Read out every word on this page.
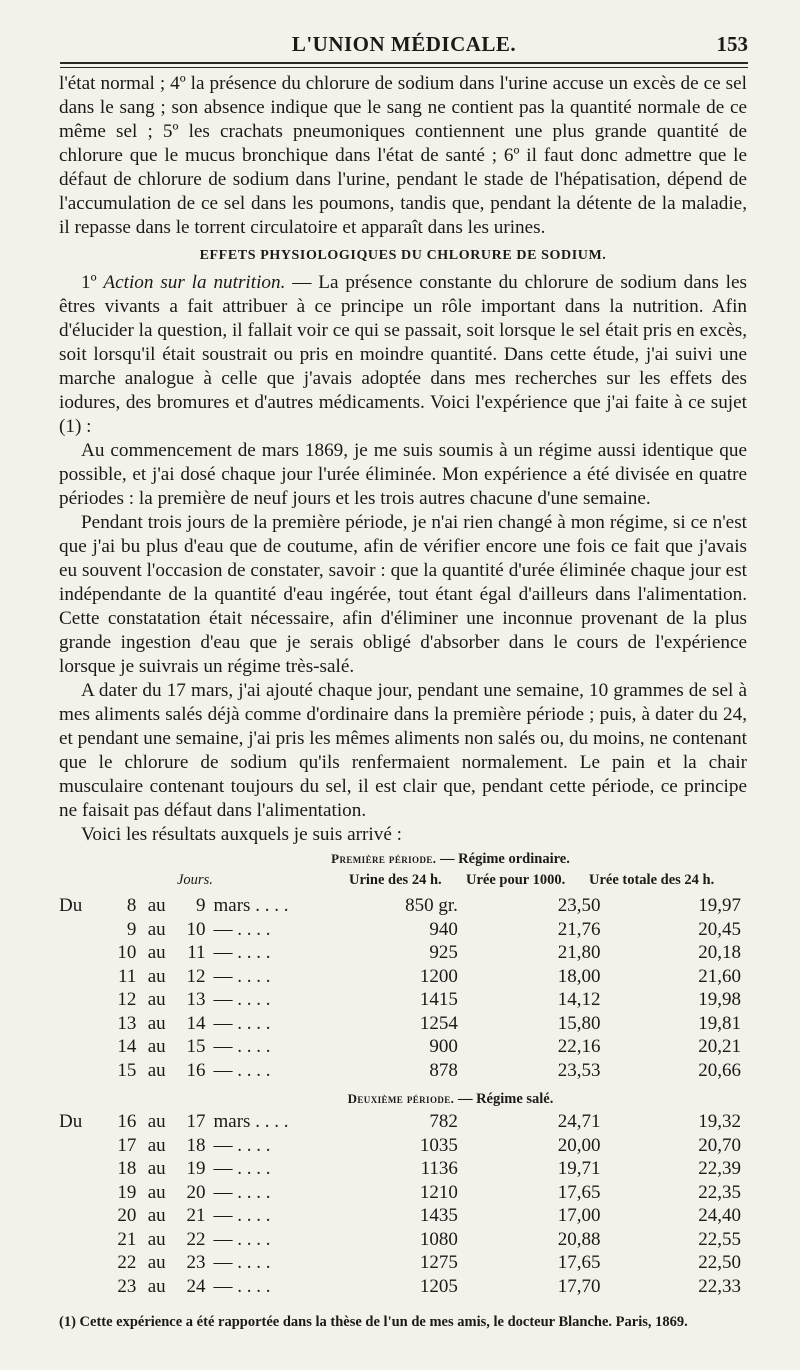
L'UNION MÉDICALE.	153

l'état normal ; 4º la présence du chlorure de sodium dans l'urine accuse un excès de ce sel dans le sang ; son absence indique que le sang ne contient pas la quantité normale de ce même sel ; 5º les crachats pneumoniques contiennent une plus grande quantité de chlorure que le mucus bronchique dans l'état de santé ; 6º il faut donc admettre que le défaut de chlorure de sodium dans l'urine, pendant le stade de l'hépatisation, dépend de l'accumulation de ce sel dans les poumons, tandis que, pendant la détente de la maladie, il repasse dans le torrent circulatoire et apparaît dans les urines.

EFFETS PHYSIOLOGIQUES DU CHLORURE DE SODIUM.

1º Action sur la nutrition. — La présence constante du chlorure de sodium dans les êtres vivants a fait attribuer à ce principe un rôle important dans la nutrition. Afin d'élucider la question, il fallait voir ce qui se passait, soit lorsque le sel était pris en excès, soit lorsqu'il était soustrait ou pris en moindre quantité. Dans cette étude, j'ai suivi une marche analogue à celle que j'avais adoptée dans mes recherches sur les effets des iodures, des bromures et d'autres médicaments. Voici l'expérience que j'ai faite à ce sujet (1) :

Au commencement de mars 1869, je me suis soumis à un régime aussi identique que possible, et j'ai dosé chaque jour l'urée éliminée. Mon expérience a été divisée en quatre périodes : la première de neuf jours et les trois autres chacune d'une semaine.

Pendant trois jours de la première période, je n'ai rien changé à mon régime, si ce n'est que j'ai bu plus d'eau que de coutume, afin de vérifier encore une fois ce fait que j'avais eu souvent l'occasion de constater, savoir : que la quantité d'urée éliminée chaque jour est indépendante de la quantité d'eau ingérée, tout étant égal d'ailleurs dans l'alimentation. Cette constatation était nécessaire, afin d'éliminer une inconnue provenant de la plus grande ingestion d'eau que je serais obligé d'absorber dans le cours de l'expérience lorsque je suivrais un régime très-salé.

A dater du 17 mars, j'ai ajouté chaque jour, pendant une semaine, 10 grammes de sel à mes aliments salés déjà comme d'ordinaire dans la première période ; puis, à dater du 24, et pendant une semaine, j'ai pris les mêmes aliments non salés ou, du moins, ne contenant que le chlorure de sodium qu'ils renfermaient normalement. Le pain et la chair musculaire contenant toujours du sel, il est clair que, pendant cette période, ce principe ne faisait pas défaut dans l'alimentation.

Voici les résultats auxquels je suis arrivé :

Première période. — Régime ordinaire.
Jours.	Urine des 24 h. Urée pour 1000. Urée totale des 24 h.
Du	8	au	9	mars . . . .	850 gr.	23,50	19,97
	9	au	10	— . . . .	940	21,76	20,45
	10	au	11	— . . . .	925	21,80	20,18
	11	au	12	— . . . .	1200	18,00	21,60
	12	au	13	— . . . .	1415	14,12	19,98
	13	au	14	— . . . .	1254	15,80	19,81
	14	au	15	— . . . .	900	22,16	20,21
	15	au	16	— . . . .	878	23,53	20,66
Deuxième période. — Régime salé.
Du	16	au	17	mars . . . .	782	24,71	19,32
	17	au	18	— . . . .	1035	20,00	20,70
	18	au	19	— . . . .	1136	19,71	22,39
	19	au	20	— . . . .	1210	17,65	22,35
	20	au	21	— . . . .	1435	17,00	24,40
	21	au	22	— . . . .	1080	20,88	22,55
	22	au	23	— . . . .	1275	17,65	22,50
	23	au	24	— . . . .	1205	17,70	22,33
(1) Cette expérience a été rapportée dans la thèse de l'un de mes amis, le docteur Blanche. Paris, 1869.
